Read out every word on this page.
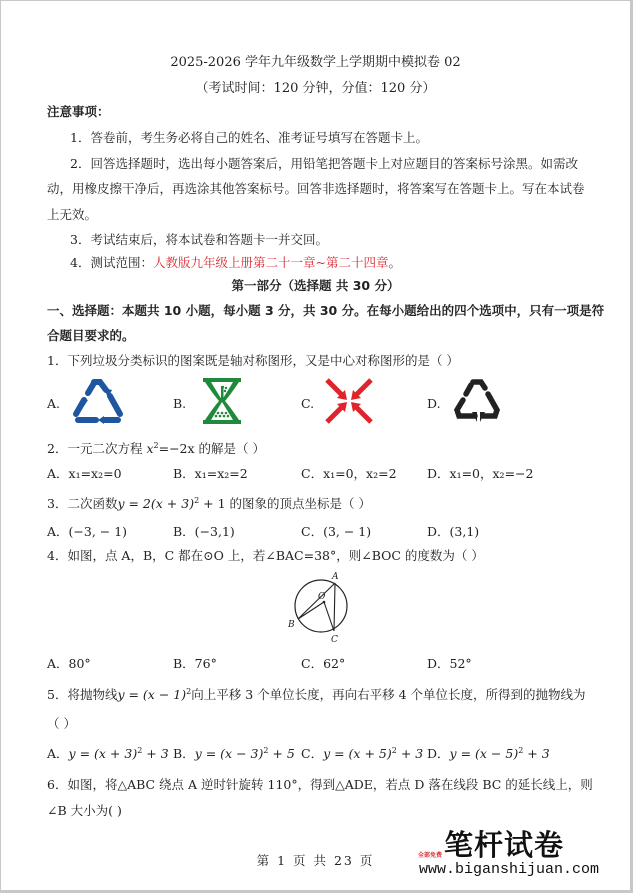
2025-2026 学年九年级数学上学期期中模拟卷 02
（考试时间：120 分钟，分值：120 分）
注意事项：
1．答卷前，考生务必将自己的姓名、准考证号填写在答题卡上。
2．回答选择题时，选出每小题答案后，用铅笔把答题卡上对应题目的答案标号涂黑。如需改
动，用橡皮擦干净后，再选涂其他答案标号。回答非选择题时，将答案写在答题卡上。写在本试卷
上无效。
3．考试结束后，将本试卷和答题卡一并交回。
4．测试范围：人教版九年级上册第二十一章~第二十四章。
第一部分（选择题 共 30 分）
一、选择题：本题共 10 小题，每小题 3 分，共 30 分。在每小题给出的四个选项中，只有一项是符
合题目要求的。
1．下列垃圾分类标识的图案既是轴对称图形，又是中心对称图形的是（ ）
A.	B.	C.	D.
2．一元二次方程 $x^2=-2x$ 的解是（ ）
A．x₁=x₂=0	B．x₁=x₂=2	C．x₁=0，x₂=2 D．x₁=0，x₂=−2
3．二次函数$y = 2(x + 3)^2 + 1$ 的图象的顶点坐标是（ ）
A．(−3, − 1)	B．(−3,1)	C．(3, − 1)	D．(3,1)
4．如图，点 A，B，C 都在⊙O 上，若∠BAC=38°，则∠BOC 的度数为（ ）
A
O
B
C
A．80°	B．76°	C．62°	D．52°
5．将抛物线$y = (x - 1)^2$向上平移 3 个单位长度，再向右平移 4 个单位长度，所得到的抛物线为
（ ）
A．$y = (x + 3)^2 + 3$ B．$y = (x - 3)^2 + 5$ C．$y = (x + 5)^2 + 3$ D．$y = (x - 5)^2 + 3$
6．如图，将△ABC 绕点 A 逆时针旋转 110°，得到△ADE，若点 D 落在线段 BC 的延长线上，则
∠B 大小为( )
第 1 页 共 23 页	笔杆试卷
全部免费
www.biganshijuan.com
